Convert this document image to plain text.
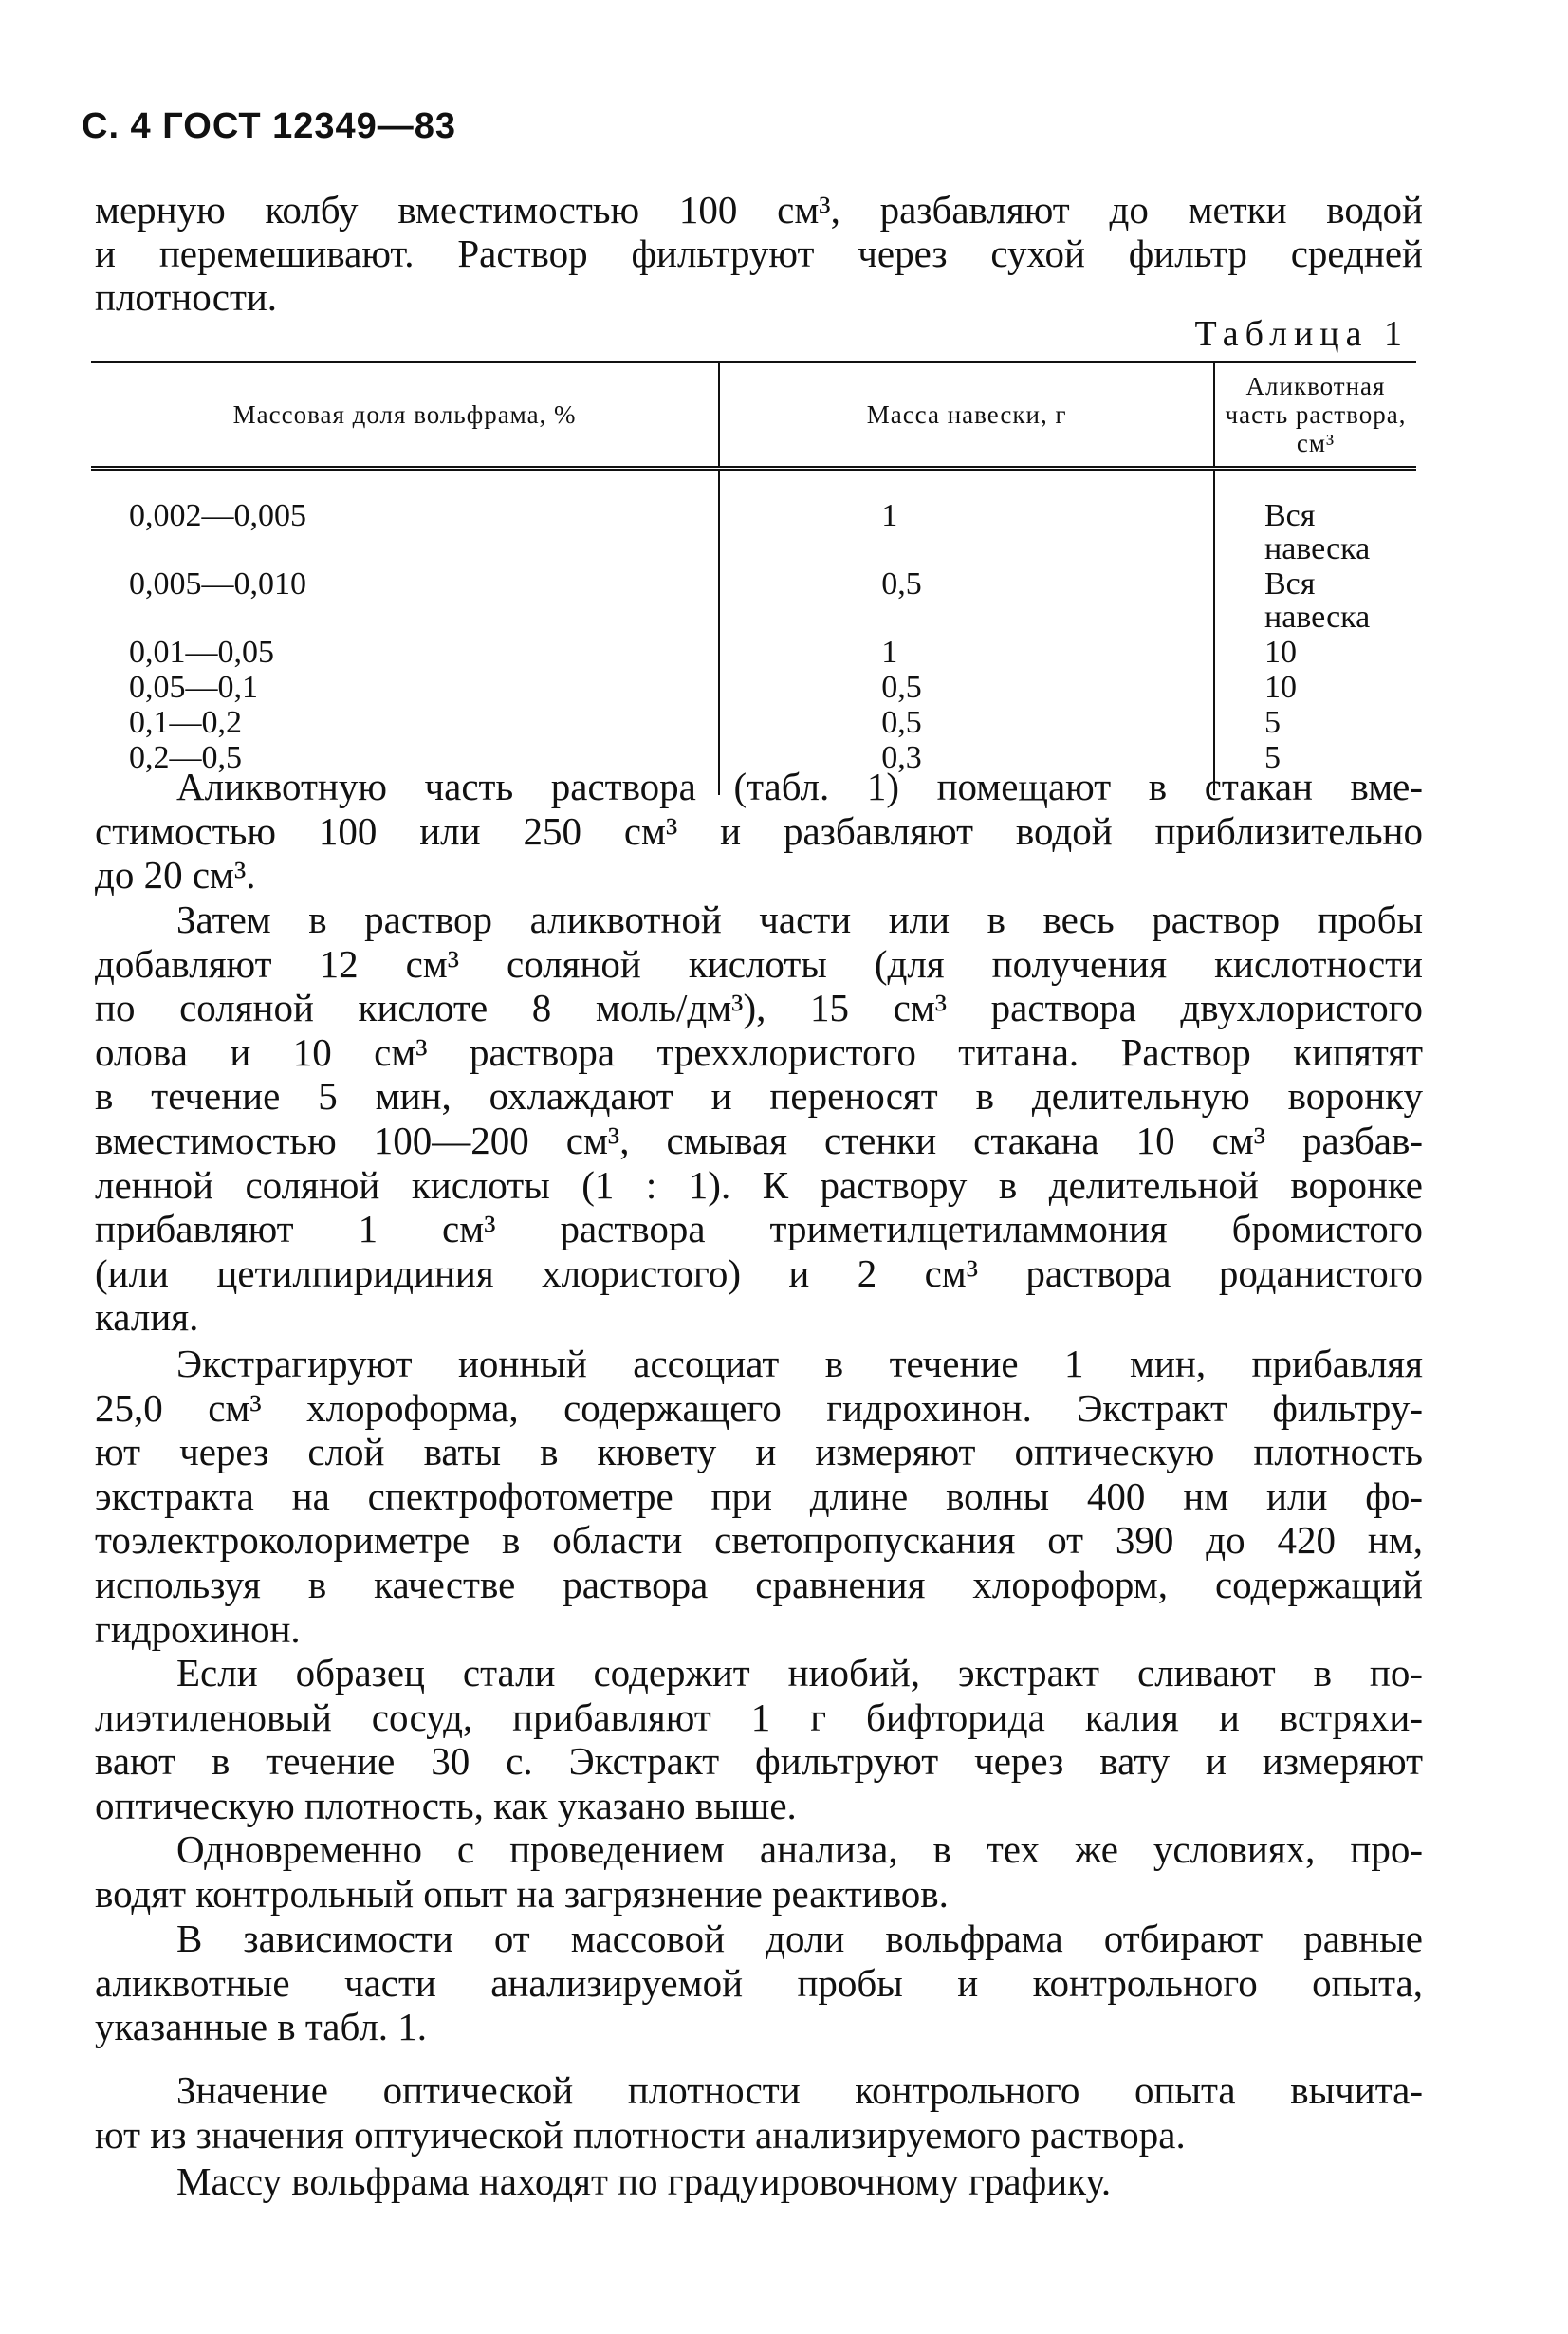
С. 4 ГОСТ 12349—83
мерную колбу вместимостью 100 см³, разбавляют до метки водой
и перемешивают. Раствор фильтруют через сухой фильтр средней
плотности.
Таблица 1
Массовая доля вольфрама, %	Масса навески, г	Аликвотная часть раствора, см³

0,002—0,005	1	Вся навеска
0,005—0,010	0,5	Вся навеска
0,01—0,05	1	10
0,05—0,1	0,5	10
0,1—0,2	0,5	5
0,2—0,5	0,3	5
Аликвотную часть раствора (табл. 1) помещают в стакан вме-
стимостью 100 или 250 см³ и разбавляют водой приблизительно
до 20 см³.
Затем в раствор аликвотной части или в весь раствор пробы
добавляют 12 см³ соляной кислоты (для получения кислотности
по соляной кислоте 8 моль/дм³), 15 см³ раствора двухлористого
олова и 10 см³ раствора треххлористого титана. Раствор кипятят
в течение 5 мин, охлаждают и переносят в делительную воронку
вместимостью 100—200 см³, смывая стенки стакана 10 см³ разбав-
ленной соляной кислоты (1 : 1). К раствору в делительной воронке
прибавляют 1 см³ раствора триметилцетиламмония бромистого
(или цетилпиридиния хлористого) и 2 см³ раствора роданистого
калия.
Экстрагируют ионный ассоциат в течение 1 мин, прибавляя
25,0 см³ хлороформа, содержащего гидрохинон. Экстракт фильтру-
ют через слой ваты в кювету и измеряют оптическую плотность
экстракта на спектрофотометре при длине волны 400 нм или фо-
тоэлектроколориметре в области светопропускания от 390 до 420 нм,
используя в качестве раствора сравнения хлороформ, содержащий
гидрохинон.
Если образец стали содержит ниобий, экстракт сливают в по-
лиэтиленовый сосуд, прибавляют 1 г бифторида калия и встряхи-
вают в течение 30 с. Экстракт фильтруют через вату и измеряют
оптическую плотность, как указано выше.
Одновременно с проведением анализа, в тех же условиях, про-
водят контрольный опыт на загрязнение реактивов.
В зависимости от массовой доли вольфрама отбирают равные
аликвотные части анализируемой пробы и контрольного опыта,
указанные в табл. 1.
Значение оптической плотности контрольного опыта вычита-
ют из значения оптуической плотности анализируемого раствора.
Массу вольфрама находят по градуировочному графику.
